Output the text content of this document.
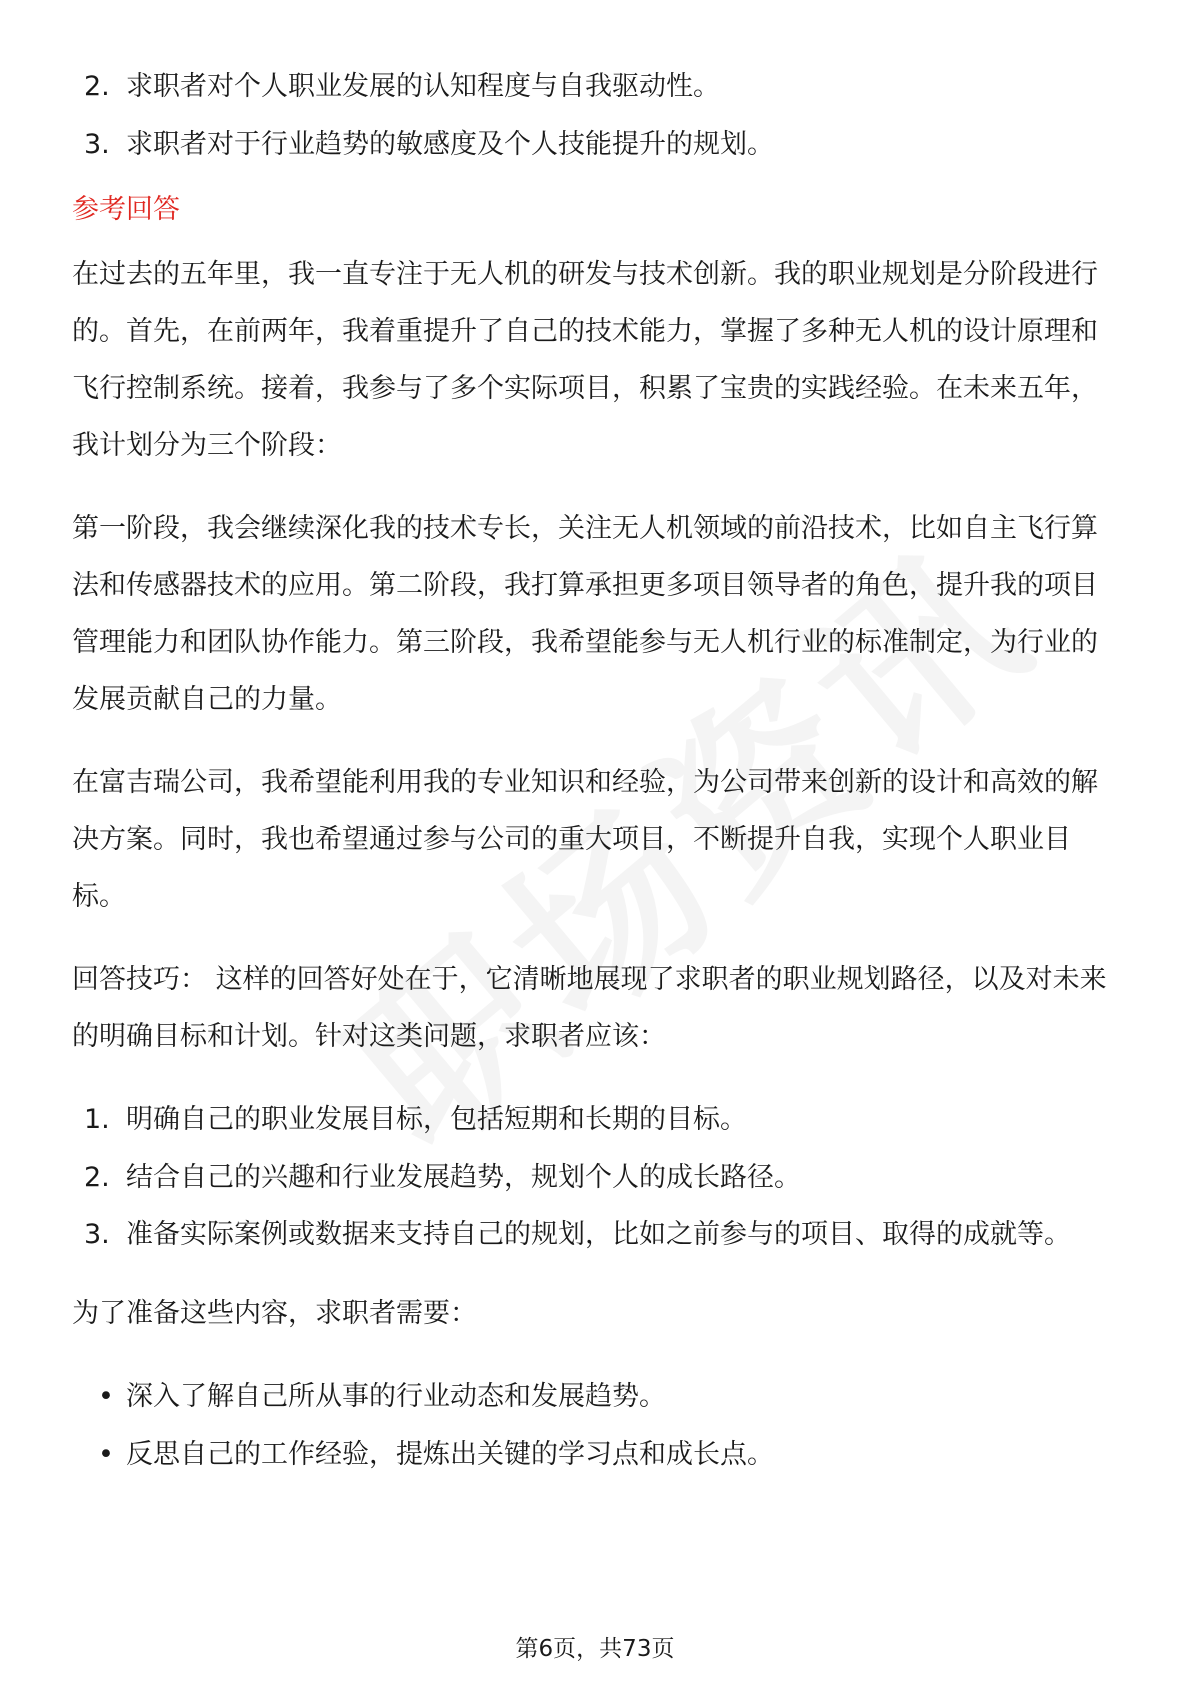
2. 求职者对个人职业发展的认知程度与自我驱动性。
3. 求职者对于行业趋势的敏感度及个人技能提升的规划。
参考回答

在过去的五年里，我一直专注于无人机的研发与技术创新。我的职业规划是分阶段进行的。首先，在前两年，我着重提升了自己的技术能力，掌握了多种无人机的设计原理和飞行控制系统。接着，我参与了多个实际项目，积累了宝贵的实践经验。在未来五年，我计划分为三个阶段：

第一阶段，我会继续深化我的技术专长，关注无人机领域的前沿技术，比如自主飞行算法和传感器技术的应用。第二阶段，我打算承担更多项目领导者的角色，提升我的项目管理能力和团队协作能力。第三阶段，我希望能参与无人机行业的标准制定，为行业的发展贡献自己的力量。

在富吉瑞公司，我希望能利用我的专业知识和经验，为公司带来创新的设计和高效的解决方案。同时，我也希望通过参与公司的重大项目，不断提升自我，实现个人职业目标。

回答技巧： 这样的回答好处在于，它清晰地展现了求职者的职业规划路径，以及对未来的明确目标和计划。针对这类问题，求职者应该：

1. 明确自己的职业发展目标，包括短期和长期的目标。
2. 结合自己的兴趣和行业发展趋势，规划个人的成长路径。
3. 准备实际案例或数据来支持自己的规划，比如之前参与的项目、取得的成就等。

为了准备这些内容，求职者需要：

• 深入了解自己所从事的行业动态和发展趋势。
• 反思自己的工作经验，提炼出关键的学习点和成长点。
第6页，共73页
